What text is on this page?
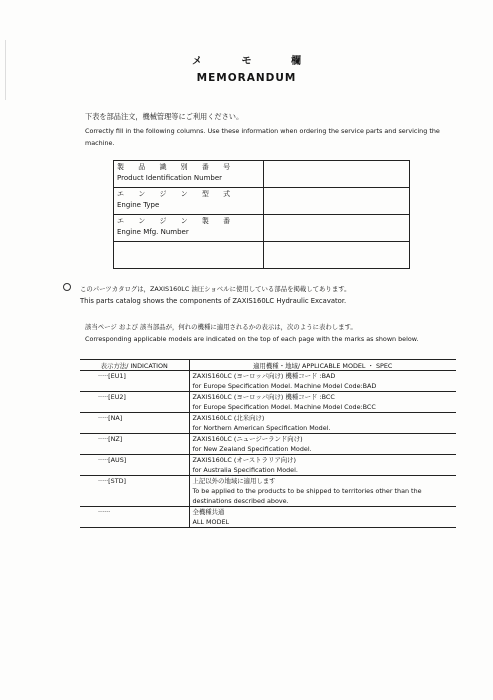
メ モ 欄
MEMORANDUM
下表を部品注文，機械管理等にご利用ください。
Correctly fill in the following columns. Use these information when ordering the service parts and servicing the machine.
製 品 識 別 番 号
Product Identification Number	

エ ン ジ ン 型 式
Engine Type	

エ ン ジ ン 製 番
Engine Mfg. Number	

このパーツカタログは，ZAXIS160LC 油圧ショベルに使用している部品を掲載してあります。
This parts catalog shows the components of ZAXIS160LC Hydraulic Excavator.
該当ページ および 該当部品が，何れの機種に適用されるかの表示は，次のように表わします。
Corresponding applicable models are indicated on the top of each page with the marks as shown below.
表示方法/ INDICATION	適用機種・地域/ APPLICABLE MODEL ・ SPEC
·····[EU1]	ZAXIS160LC (ヨーロッパ向け) 機種コード :BAD
for Europe Specification Model. Machine Model Code:BAD

·····[EU2]	ZAXIS160LC (ヨーロッパ向け) 機種コード :BCC
for Europe Specification Model. Machine Model Code:BCC

·····[NA]	ZAXIS160LC (北米向け)
for Northern American Specification Model.

·····[NZ]	ZAXIS160LC (ニュージーランド向け)
for New Zealand Specification Model.

·····[AUS]	ZAXIS160LC (オーストラリア向け)
for Australia Specification Model.

·····[STD]	上記以外の地域に適用します
To be applied to the products to be shipped to territories other than the
destinations described above.

······	全機種共通
ALL MODEL
